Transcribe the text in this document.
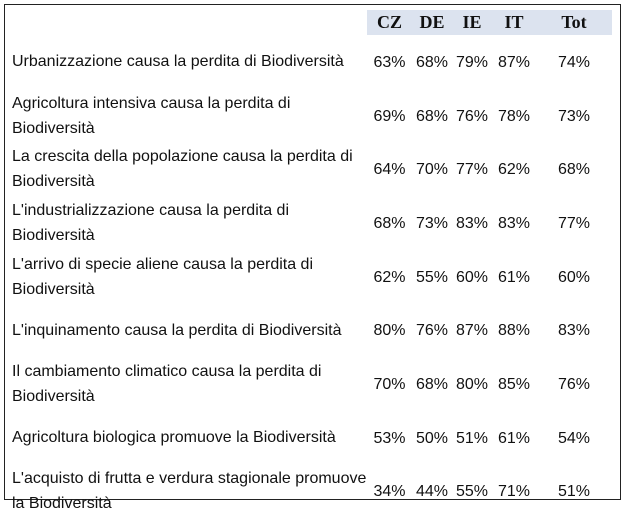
	CZ	DE	IE	IT	Tot
Urbanizzazione causa la perdita di Biodiversità	63%	68%	79%	87%	74%
Agricoltura intensiva causa la perdita di Biodiversità	69%	68%	76%	78%	73%
La crescita della popolazione causa la perdita di Biodiversità	64%	70%	77%	62%	68%
L'industrializzazione causa la perdita di Biodiversità	68%	73%	83%	83%	77%
L'arrivo di specie aliene causa la perdita di Biodiversità	62%	55%	60%	61%	60%
L'inquinamento causa la perdita di Biodiversità	80%	76%	87%	88%	83%
Il cambiamento climatico causa la perdita di Biodiversità	70%	68%	80%	85%	76%
Agricoltura biologica promuove la Biodiversità	53%	50%	51%	61%	54%
L'acquisto di frutta e verdura stagionale promuove la Biodiversità	34%	44%	55%	71%	51%
